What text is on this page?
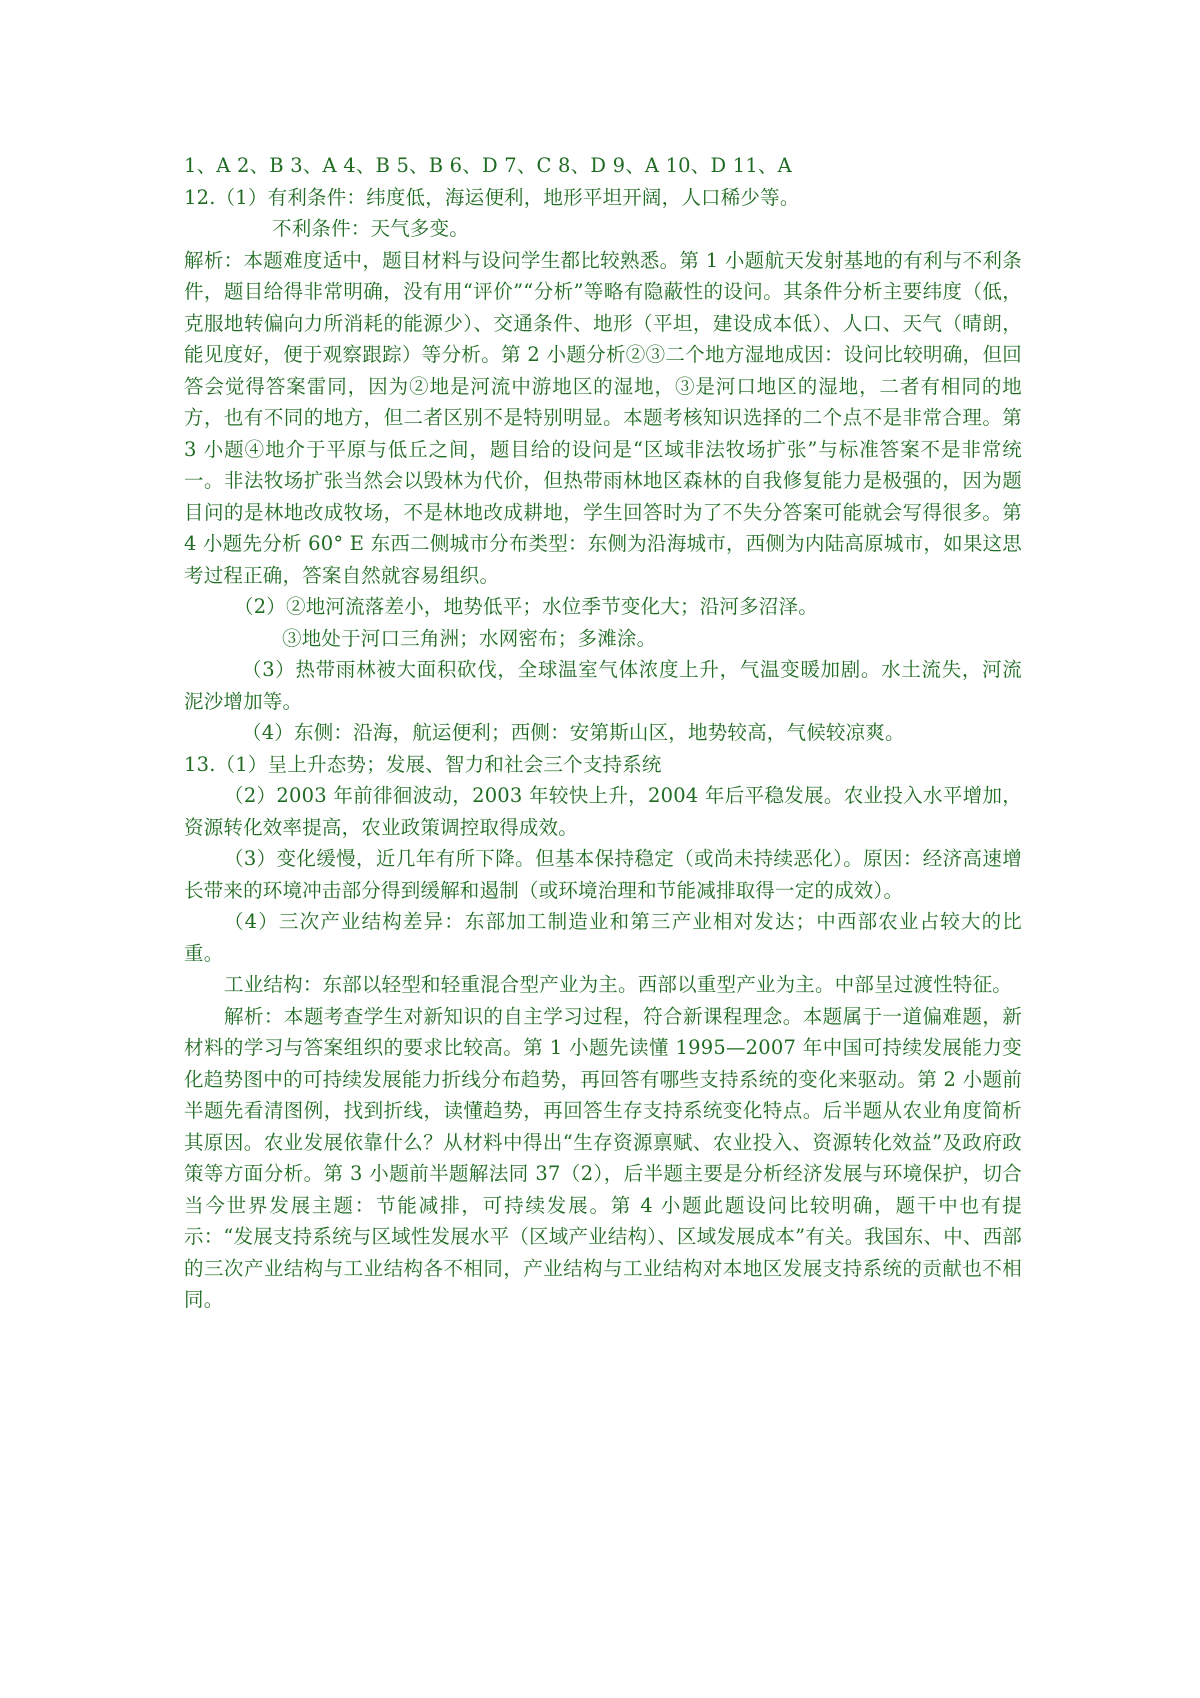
1、A 2、B 3、A 4、B 5、B 6、D 7、C 8、D 9、A 10、D 11、A

12.（1）有利条件：纬度低，海运便利，地形平坦开阔，人口稀少等。

不利条件：天气多变。

解析：本题难度适中，题目材料与设问学生都比较熟悉。第 1 小题航天发射基地的有利与不利条件，题目给得非常明确，没有用“评价”“分析”等略有隐蔽性的设问。其条件分析主要纬度（低，克服地转偏向力所消耗的能源少）、交通条件、地形（平坦，建设成本低）、人口、天气（晴朗，能见度好，便于观察跟踪）等分析。第 2 小题分析②③二个地方湿地成因：设问比较明确，但回答会觉得答案雷同，因为②地是河流中游地区的湿地，③是河口地区的湿地，二者有相同的地方，也有不同的地方，但二者区别不是特别明显。本题考核知识选择的二个点不是非常合理。第 3 小题④地介于平原与低丘之间，题目给的设问是“区域非法牧场扩张”与标准答案不是非常统一。非法牧场扩张当然会以毁林为代价，但热带雨林地区森林的自我修复能力是极强的，因为题目问的是林地改成牧场，不是林地改成耕地，学生回答时为了不失分答案可能就会写得很多。第 4 小题先分析 60° E 东西二侧城市分布类型：东侧为沿海城市，西侧为内陆高原城市，如果这思考过程正确，答案自然就容易组织。

（2）②地河流落差小，地势低平；水位季节变化大；沿河多沼泽。

③地处于河口三角洲；水网密布；多滩涂。

（3）热带雨林被大面积砍伐，全球温室气体浓度上升，气温变暖加剧。水土流失，河流泥沙增加等。

（4）东侧：沿海，航运便利；西侧：安第斯山区，地势较高，气候较凉爽。

13.（1）呈上升态势；发展、智力和社会三个支持系统

（2）2003 年前徘徊波动，2003 年较快上升，2004 年后平稳发展。农业投入水平增加，资源转化效率提高，农业政策调控取得成效。

（3）变化缓慢，近几年有所下降。但基本保持稳定（或尚未持续恶化）。原因：经济高速增长带来的环境冲击部分得到缓解和遏制（或环境治理和节能减排取得一定的成效）。

（4）三次产业结构差异：东部加工制造业和第三产业相对发达；中西部农业占较大的比重。

工业结构：东部以轻型和轻重混合型产业为主。西部以重型产业为主。中部呈过渡性特征。

解析：本题考查学生对新知识的自主学习过程，符合新课程理念。本题属于一道偏难题，新材料的学习与答案组织的要求比较高。第 1 小题先读懂 1995—2007 年中国可持续发展能力变化趋势图中的可持续发展能力折线分布趋势，再回答有哪些支持系统的变化来驱动。第 2 小题前半题先看清图例，找到折线，读懂趋势，再回答生存支持系统变化特点。后半题从农业角度简析其原因。农业发展依靠什么？从材料中得出“生存资源禀赋、农业投入、资源转化效益”及政府政策等方面分析。第 3 小题前半题解法同 37（2），后半题主要是分析经济发展与环境保护，切合当今世界发展主题：节能减排，可持续发展。第 4 小题此题设问比较明确，题干中也有提示：“发展支持系统与区域性发展水平（区域产业结构）、区域发展成本”有关。我国东、中、西部的三次产业结构与工业结构各不相同，产业结构与工业结构对本地区发展支持系统的贡献也不相同。
